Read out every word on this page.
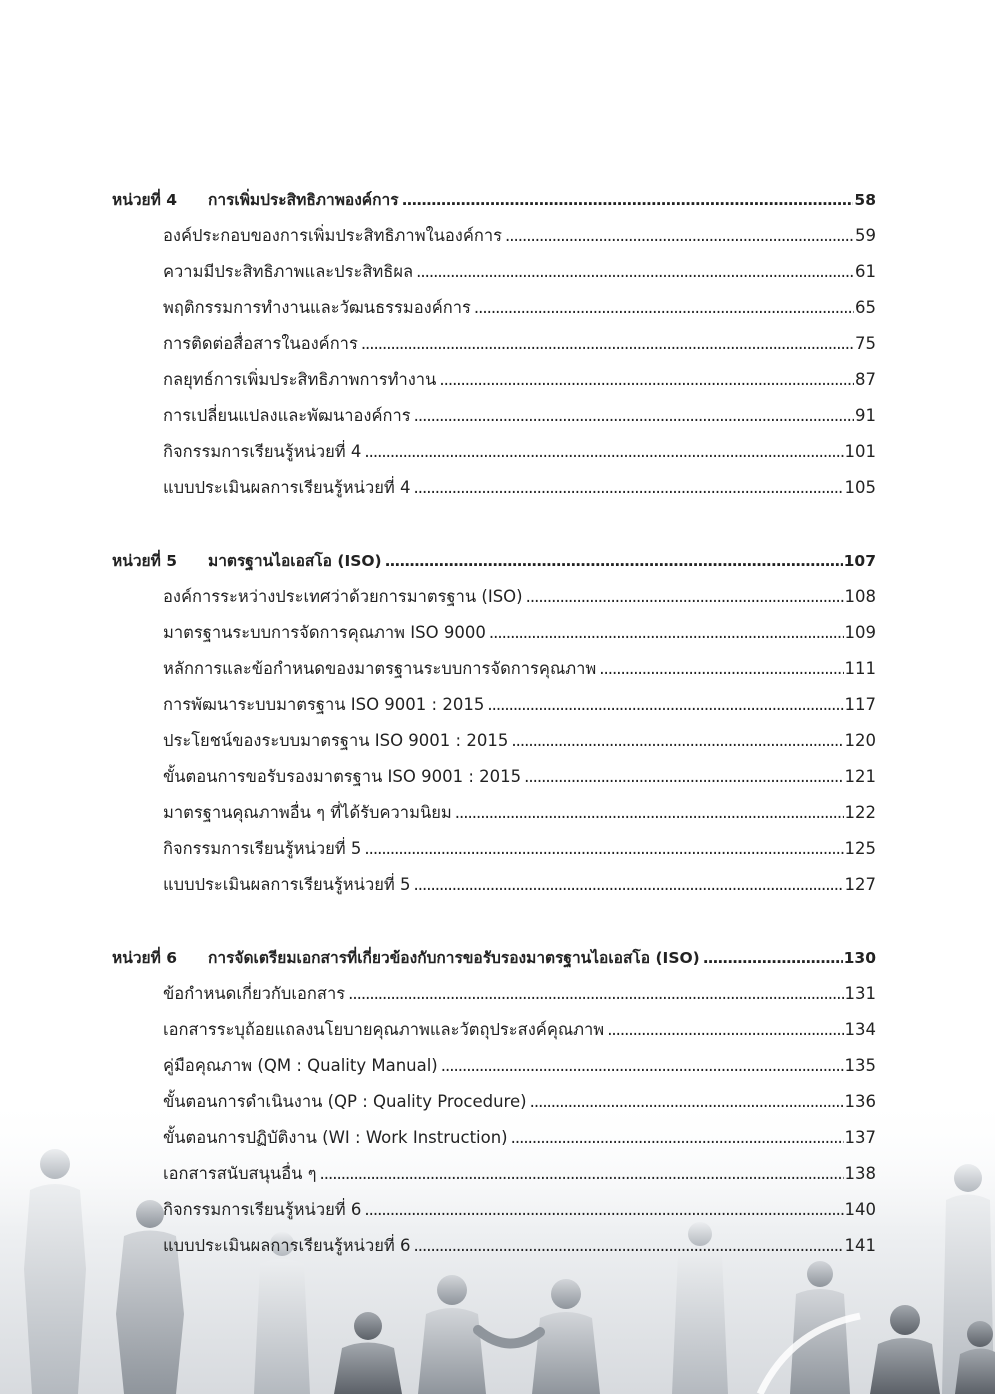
หน่วยที่ 4	การเพิ่มประสิทธิภาพองค์การ .....	58
องค์ประกอบของการเพิ่มประสิทธิภาพในองค์การ .....	59
ความมีประสิทธิภาพและประสิทธิผล .....	61
พฤติกรรมการทำงานและวัฒนธรรมองค์การ .....	65
การติดต่อสื่อสารในองค์การ .....	75
กลยุทธ์การเพิ่มประสิทธิภาพการทำงาน .....	87
การเปลี่ยนแปลงและพัฒนาองค์การ .....	91
กิจกรรมการเรียนรู้หน่วยที่ 4 .....	101
แบบประเมินผลการเรียนรู้หน่วยที่ 4 .....	105
หน่วยที่ 5	มาตรฐานไอเอสโอ (ISO) .....	107
องค์การระหว่างประเทศว่าด้วยการมาตรฐาน (ISO) .....	108
มาตรฐานระบบการจัดการคุณภาพ ISO 9000 .....	109
หลักการและข้อกำหนดของมาตรฐานระบบการจัดการคุณภาพ .....	111
การพัฒนาระบบมาตรฐาน ISO 9001 : 2015 .....	117
ประโยชน์ของระบบมาตรฐาน ISO 9001 : 2015 .....	120
ขั้นตอนการขอรับรองมาตรฐาน ISO 9001 : 2015 .....	121
มาตรฐานคุณภาพอื่น ๆ ที่ได้รับความนิยม .....	122
กิจกรรมการเรียนรู้หน่วยที่ 5 .....	125
แบบประเมินผลการเรียนรู้หน่วยที่ 5 .....	127
หน่วยที่ 6	การจัดเตรียมเอกสารที่เกี่ยวข้องกับการขอรับรองมาตรฐานไอเอสโอ (ISO) .....	130
ข้อกำหนดเกี่ยวกับเอกสาร .....	131
เอกสารระบุถ้อยแถลงนโยบายคุณภาพและวัตถุประสงค์คุณภาพ .....	134
คู่มือคุณภาพ (QM : Quality Manual) .....	135
ขั้นตอนการดำเนินงาน (QP : Quality Procedure) .....	136
ขั้นตอนการปฏิบัติงาน (WI : Work Instruction) .....	137
เอกสารสนับสนุนอื่น ๆ .....	138
กิจกรรมการเรียนรู้หน่วยที่ 6 .....	140
แบบประเมินผลการเรียนรู้หน่วยที่ 6 .....	141
